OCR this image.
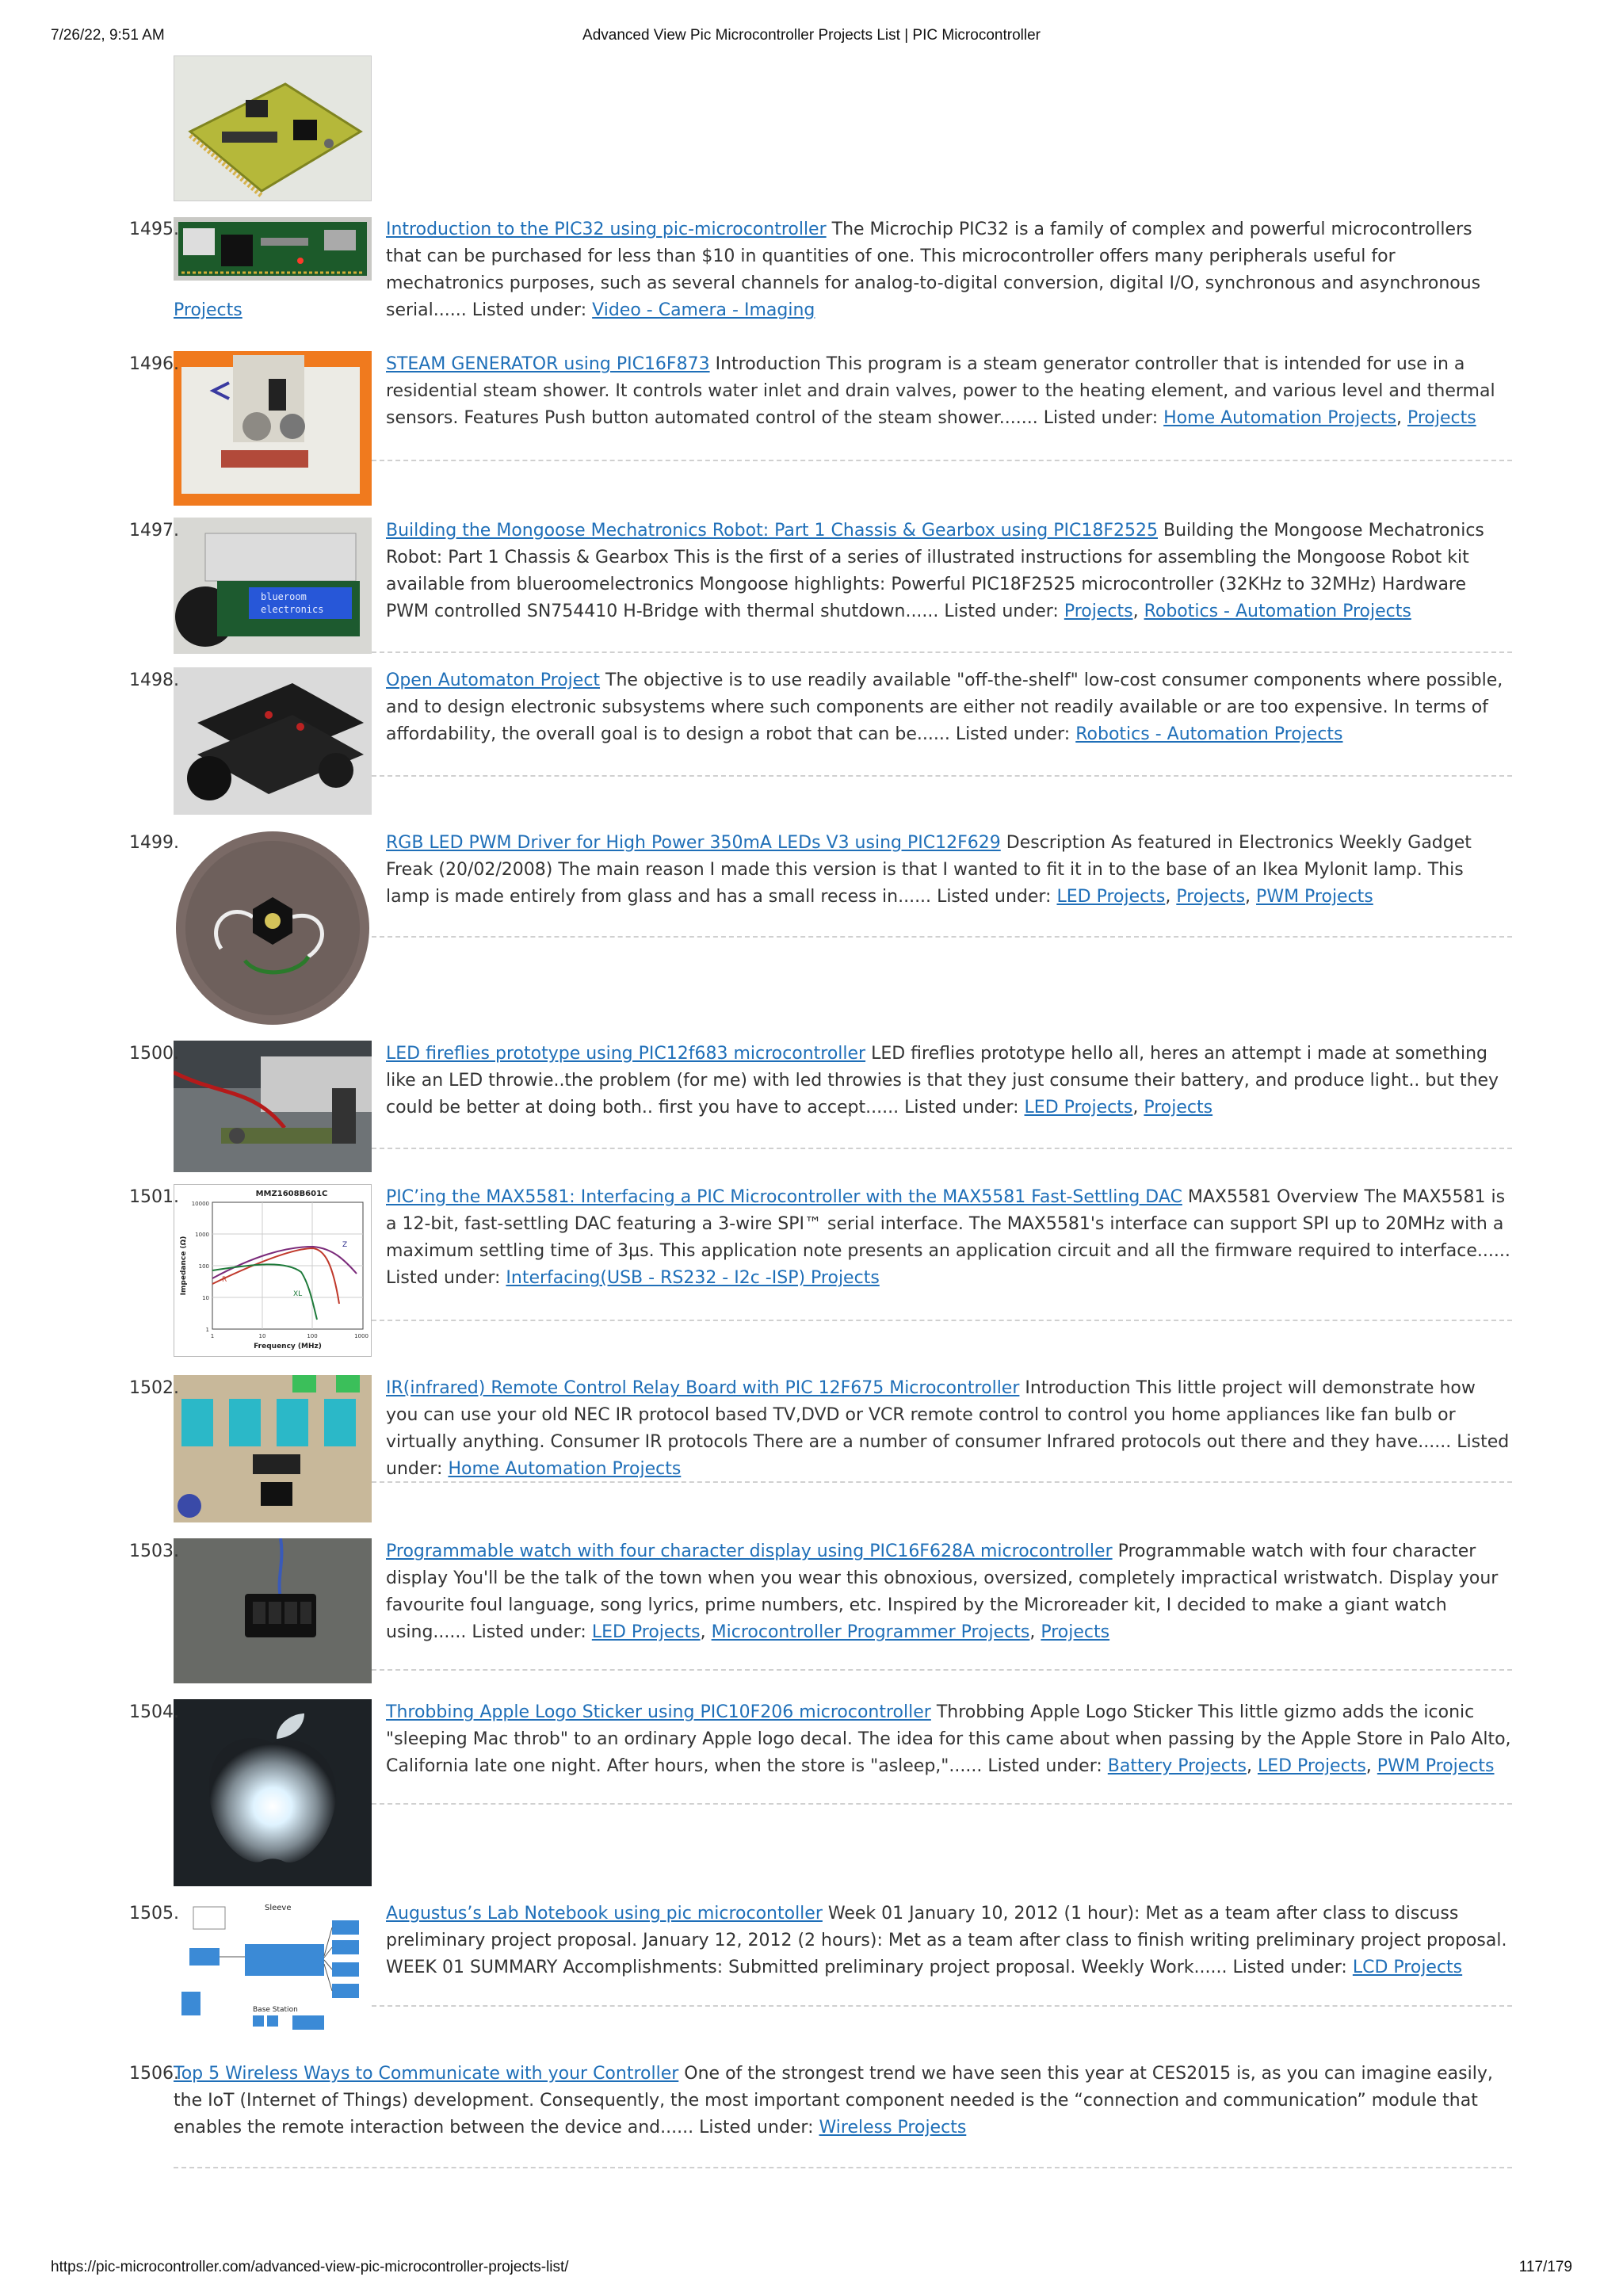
7/26/22, 9:51 AM	Advanced View Pic Microcontroller Projects List | PIC Microcontroller
1495.	Introduction to the PIC32 using pic-microcontroller The Microchip PIC32 is a family of complex and powerful microcontrollers that can be purchased for less than $10 in quantities of one. This microcontroller offers many peripherals useful for mechatronics purposes, such as several channels for analog-to-digital conversion, digital I/O, synchronous and asynchronous serial...... Listed under: Video - Camera - Imaging
Projects
1496.	STEAM GENERATOR using PIC16F873 Introduction This program is a steam generator controller that is intended for use in a residential steam shower. It controls water inlet and drain valves, power to the heating element, and various level and thermal sensors. Features Push button automated control of the steam shower....... Listed under: Home Automation Projects, Projects
blueroom
electronics
1497.	Building the Mongoose Mechatronics Robot: Part 1 Chassis & Gearbox using PIC18F2525 Building the Mongoose Mechatronics Robot: Part 1 Chassis & Gearbox This is the first of a series of illustrated instructions for assembling the Mongoose Robot kit available from blueroomelectronics Mongoose highlights: Powerful PIC18F2525 microcontroller (32KHz to 32MHz) Hardware PWM controlled SN754410 H-Bridge with thermal shutdown...... Listed under: Projects, Robotics - Automation Projects
1498.	Open Automaton Project The objective is to use readily available "off-the-shelf" low-cost consumer components where possible, and to design electronic subsystems where such components are either not readily available or are too expensive. In terms of affordability, the overall goal is to design a robot that can be...... Listed under: Robotics - Automation Projects
1499.	RGB LED PWM Driver for High Power 350mA LEDs V3 using PIC12F629 Description As featured in Electronics Weekly Gadget Freak (20/02/2008) The main reason I made this version is that I wanted to fit it in to the base of an Ikea Mylonit lamp. This lamp is made entirely from glass and has a small recess in...... Listed under: LED Projects, Projects, PWM Projects
1500.	LED fireflies prototype using PIC12f683 microcontroller LED fireflies prototype hello all, heres an attempt i made at something like an LED throwie..the problem (for me) with led throwies is that they just consume their battery, and produce light.. but they could be better at doing both.. first you have to accept...... Listed under: LED Projects, Projects
MMZ1608B601C
10000
1000
100
10
1
1	10	100	1000
Frequency (MHz)
Impedance (Ω)	Z
R
XL
1501.	PIC’ing the MAX5581: Interfacing a PIC Microcontroller with the MAX5581 Fast-Settling DAC MAX5581 Overview The MAX5581 is a 12-bit, fast-settling DAC featuring a 3-wire SPI™ serial interface. The MAX5581's interface can support SPI up to 20MHz with a maximum settling time of 3µs. This application note presents an application circuit and all the firmware required to interface...... Listed under: Interfacing(USB - RS232 - I2c -ISP) Projects
1502.	IR(infrared) Remote Control Relay Board with PIC 12F675 Microcontroller Introduction This little project will demonstrate how you can use your old NEC IR protocol based TV,DVD or VCR remote control to control you home appliances like fan bulb or virtually anything. Consumer IR protocols There are a number of consumer Infrared protocols out there and they have...... Listed under: Home Automation Projects
1503.	Programmable watch with four character display using PIC16F628A microcontroller Programmable watch with four character display You'll be the talk of the town when you wear this obnoxious, oversized, completely impractical wristwatch. Display your favourite foul language, song lyrics, prime numbers, etc. Inspired by the Microreader kit, I decided to make a giant watch using...... Listed under: LED Projects, Microcontroller Programmer Projects, Projects
1504.	Throbbing Apple Logo Sticker using PIC10F206 microcontroller Throbbing Apple Logo Sticker This little gizmo adds the iconic "sleeping Mac throb" to an ordinary Apple logo decal. The idea for this came about when passing by the Apple Store in Palo Alto, California late one night. After hours, when the store is "asleep,"...... Listed under: Battery Projects, LED Projects, PWM Projects
Sleeve
Base Station
1505.	Augustus’s Lab Notebook using pic microcontoller Week 01 January 10, 2012 (1 hour): Met as a team after class to discuss preliminary project proposal. January 12, 2012 (2 hours): Met as a team after class to finish writing preliminary project proposal. WEEK 01 SUMMARY Accomplishments: Submitted preliminary project proposal. Weekly Work...... Listed under: LCD Projects
1506.
Top 5 Wireless Ways to Communicate with your Controller One of the strongest trend we have seen this year at CES2015 is, as you can imagine easily, the IoT (Internet of Things) development. Consequently, the most important component needed is the “connection and communication” module that enables the remote interaction between the device and...... Listed under: Wireless Projects
https://pic-microcontroller.com/advanced-view-pic-microcontroller-projects-list/	117/179
